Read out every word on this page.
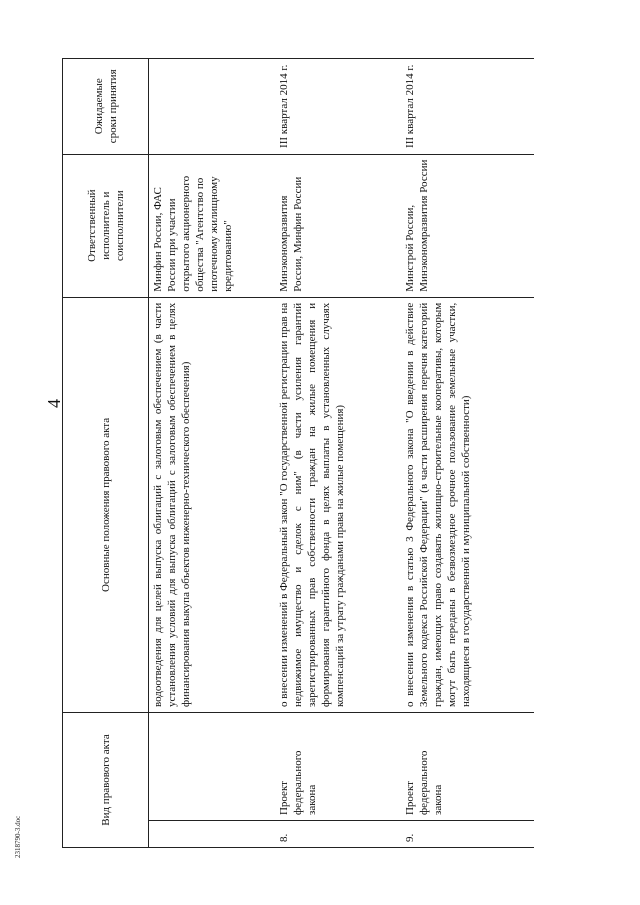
4
Вид правового акта		Основные положения правового акта	Ответственный исполнитель и соисполнители	Ожидаемые сроки принятия
		водоотведения для целей выпуска облигаций с залоговым обеспечением (в части установления условий для выпуска облигаций с залоговым обеспечением в целях финансирования выкупа объектов инженерно-технического обеспечения)	Минфин России, ФАС России при участии открытого акционерного общества "Агентство по ипотечному жилищному кредитованию"	
8.	Проект федерального закона	о внесении изменений в Федеральный закон "О государственной регистрации прав на недвижимое имущество и сделок с ним" (в части усиления гарантий зарегистрированных прав собственности граждан на жилые помещения и формирования гарантийного фонда в целях выплаты в установленных случаях компенсаций за утрату гражданами права на жилые помещения)	Минэкономразвития России, Минфин России	III квартал 2014 г.
9.	Проект федерального закона	о внесении изменения в статью 3 Федерального закона "О введении в действие Земельного кодекса Российской Федерации" (в части расширения перечня категорий граждан, имеющих право создавать жилищно-строительные кооперативы, которым могут быть переданы в безвозмездное срочное пользование земельные участки, находящиеся в государственной и муниципальной собственности)	Минстрой России, Минэкономразвития России	III квартал 2014 г.
2318790-3.doc
